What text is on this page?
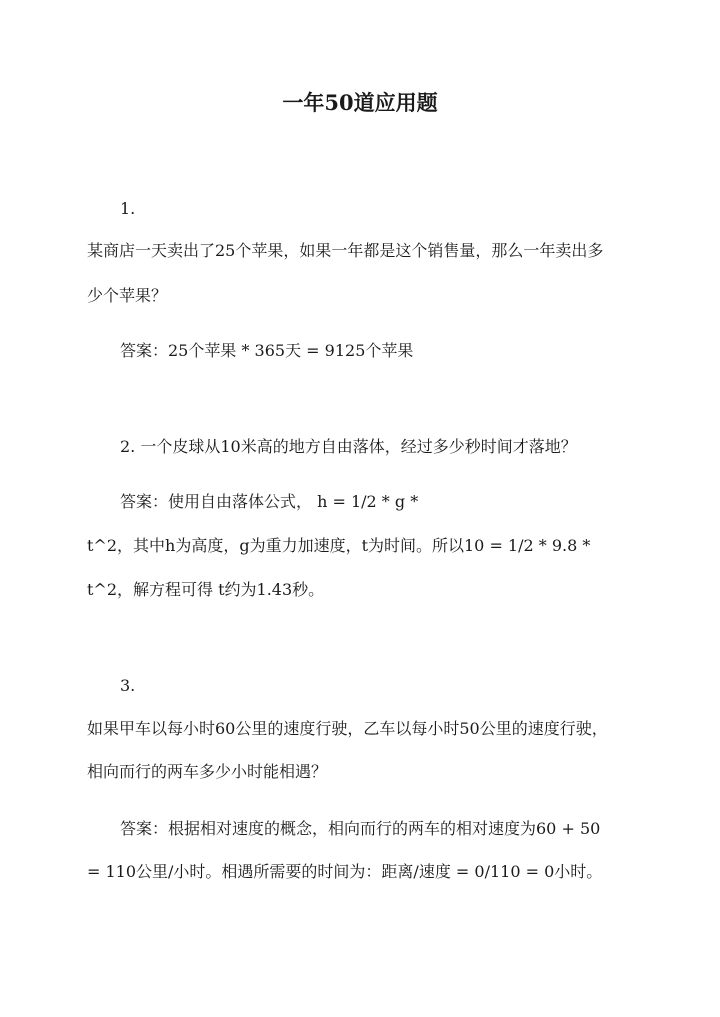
一年50道应用题
1.
某商店一天卖出了25个苹果，如果一年都是这个销售量，那么一年卖出多
少个苹果？
答案：25个苹果 * 365天 = 9125个苹果
2. 一个皮球从10米高的地方自由落体，经过多少秒时间才落地？
答案：使用自由落体公式， h = 1/2 * g *
t^2，其中h为高度，g为重力加速度，t为时间。所以10 = 1/2 * 9.8 *
t^2，解方程可得 t约为1.43秒。
3.
如果甲车以每小时60公里的速度行驶，乙车以每小时50公里的速度行驶，
相向而行的两车多少小时能相遇？
答案：根据相对速度的概念，相向而行的两车的相对速度为60 + 50
= 110公里/小时。相遇所需要的时间为：距离/速度 = 0/110 = 0小时。
